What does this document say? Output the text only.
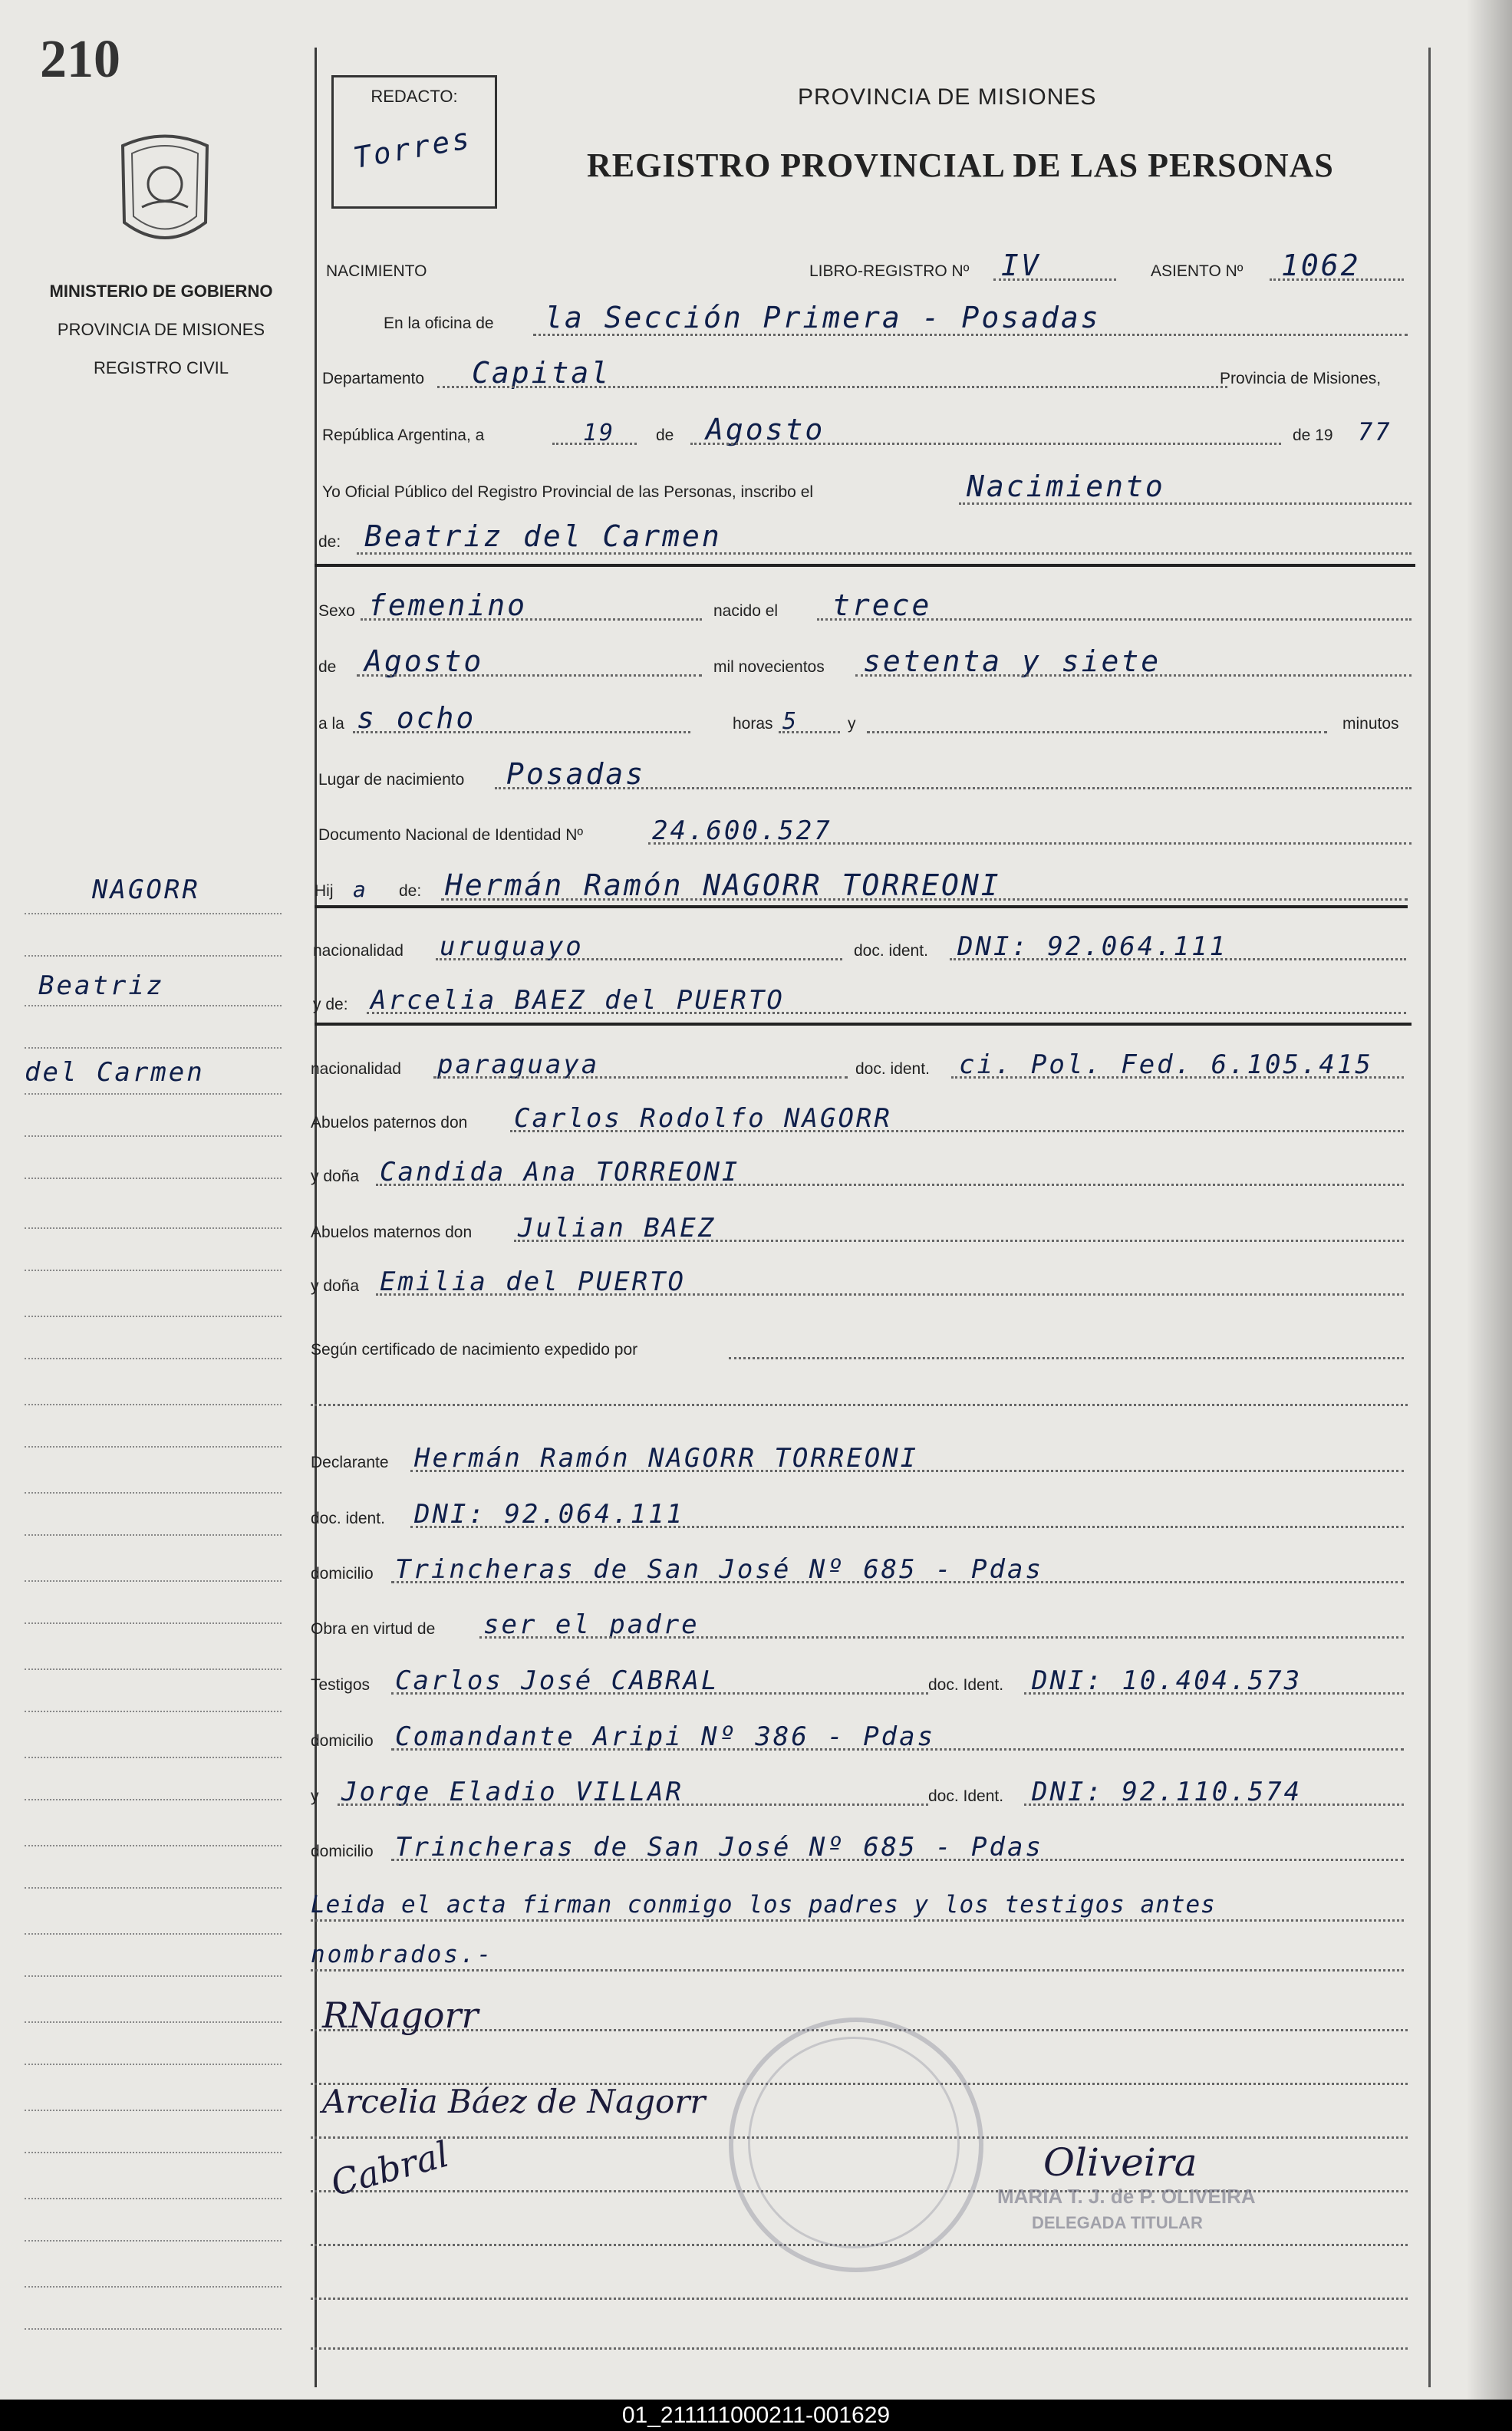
210
MINISTERIO DE GOBIERNO
PROVINCIA DE MISIONES
REGISTRO CIVIL
NAGORR
Beatriz
del Carmen
REDACTO:
Torres
PROVINCIA DE MISIONES
REGISTRO PROVINCIAL DE LAS PERSONAS
NACIMIENTO	LIBRO-REGISTRO Nº IV	ASIENTO Nº 1062
En la oficina de la Sección Primera - Posadas
Departamento Capital	Provincia de Misiones,
República Argentina, a	19	de Agosto	de 19 77
Yo Oficial Público del Registro Provincial de las Personas, inscribo el	Nacimiento
de: Beatriz del Carmen
Sexo femenino	nacido el trece
de Agosto	mil novecientos setenta y siete
a la s ocho	horas 5	y	minutos
Lugar de nacimiento Posadas
Documento Nacional de Identidad Nº	24.600.527
Hij a de: Hermán Ramón NAGORR TORREONI
nacionalidad uruguayo	doc. ident. DNI: 92.064.111
y de: Arcelia BAEZ del PUERTO
nacionalidad paraguaya	doc. ident. ci. Pol. Fed. 6.105.415
Abuelos paternos don Carlos Rodolfo NAGORR
y doña Candida Ana TORREONI
Abuelos maternos don Julian BAEZ
y doña Emilia del PUERTO
Según certificado de nacimiento expedido por
Declarante Hermán Ramón NAGORR TORREONI
doc. ident. DNI: 92.064.111
domicilio Trincheras de San José Nº 685 - Pdas
Obra en virtud de ser el padre
Testigos Carlos José CABRAL	doc. Ident. DNI: 10.404.573
domicilio Comandante Aripi Nº 386 - Pdas
y Jorge Eladio VILLAR	doc. Ident. DNI: 92.110.574
domicilio Trincheras de San José Nº 685 - Pdas
Leida el acta firman conmigo los padres y los testigos antes
nombrados.-
MARIA T. J. de P. OLIVEIRA
DELEGADA TITULAR
RNagorr
Arcelia Báez de Nagorr
Cabral	Oliveira
01_211111000211-001629
